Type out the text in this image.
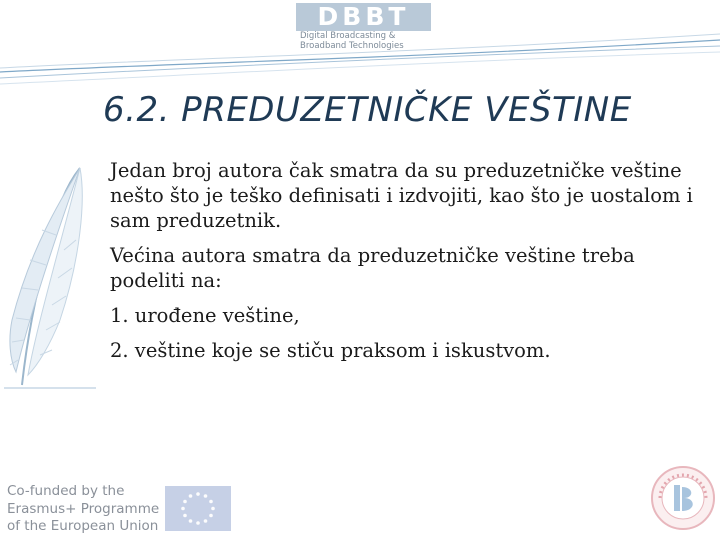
DBBT
Digital Broadcasting &
Broadband Technologies
6.2. PREDUZETNIČKE VEŠTINE

Jedan broj autora čak smatra da su preduzetničke veštine nešto što je teško definisati i izdvojiti, kao što je uostalom i sam preduzetnik.

Većina autora smatra da preduzetničke veštine treba podeliti na:

1. urođene veštine,

2. veštine koje se stiču praksom i iskustvom.

Co-funded by the
Erasmus+ Programme
of the European Union
